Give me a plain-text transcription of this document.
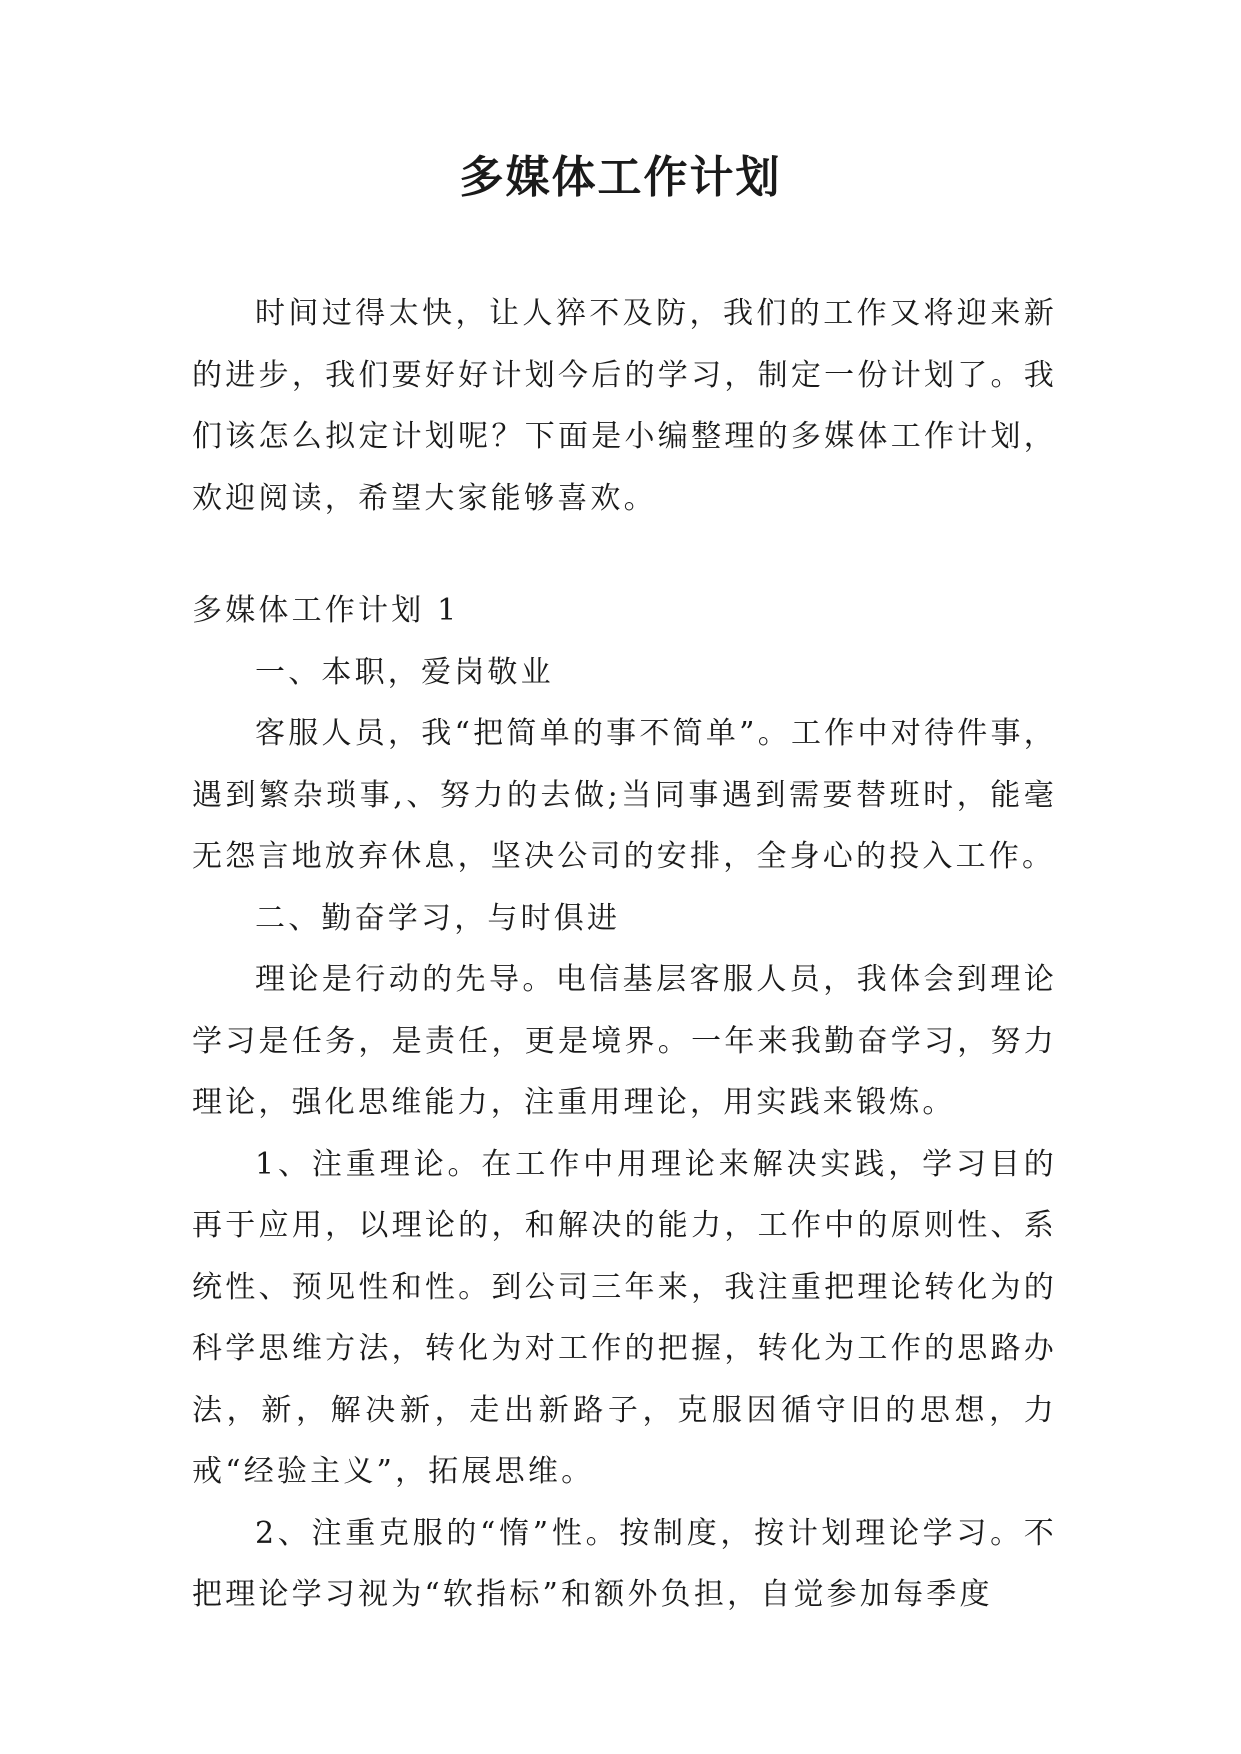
多媒体工作计划

时间过得太快，让人猝不及防，我们的工作又将迎来新的进步，我们要好好计划今后的学习，制定一份计划了。我们该怎么拟定计划呢？下面是小编整理的多媒体工作计划，欢迎阅读，希望大家能够喜欢。

多媒体工作计划 1

一、本职，爱岗敬业

客服人员，我“把简单的事不简单”。工作中对待件事，遇到繁杂琐事,、努力的去做;当同事遇到需要替班时，能毫无怨言地放弃休息，坚决公司的安排，全身心的投入工作。

二、勤奋学习，与时俱进

理论是行动的先导。电信基层客服人员，我体会到理论学习是任务，是责任，更是境界。一年来我勤奋学习，努力理论，强化思维能力，注重用理论，用实践来锻炼。

1、注重理论。在工作中用理论来解决实践，学习目的再于应用，以理论的，和解决的能力，工作中的原则性、系统性、预见性和性。到公司三年来，我注重把理论转化为的科学思维方法，转化为对工作的把握，转化为工作的思路办法，新，解决新，走出新路子，克服因循守旧的思想，力戒“经验主义”，拓展思维。

2、注重克服的“惰”性。按制度，按计划理论学习。不把理论学习视为“软指标”和额外负担，自觉参加每季度
